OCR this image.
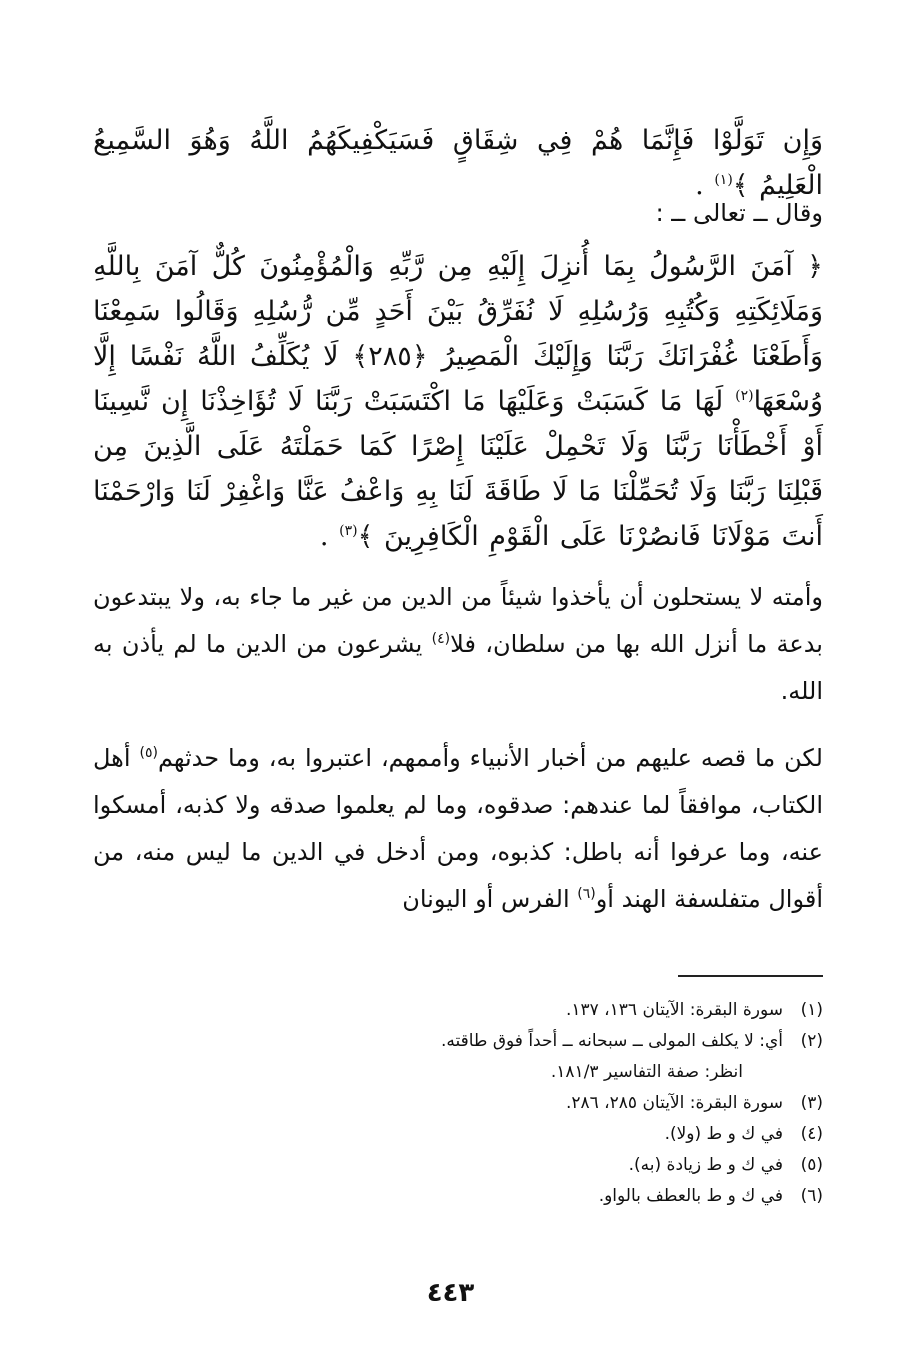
وَإِن تَوَلَّوْا فَإِنَّمَا هُمْ فِي شِقَاقٍ فَسَيَكْفِيكَهُمُ اللَّهُ وَهُوَ السَّمِيعُ الْعَلِيمُ ﴾$^{(١)}$ .
وقال ــ تعالى ــ :
﴿ آمَنَ الرَّسُولُ بِمَا أُنزِلَ إِلَيْهِ مِن رَّبِّهِ وَالْمُؤْمِنُونَ كُلٌّ آمَنَ بِاللَّهِ وَمَلَائِكَتِهِ وَكُتُبِهِ وَرُسُلِهِ لَا نُفَرِّقُ بَيْنَ أَحَدٍ مِّن رُّسُلِهِ وَقَالُوا سَمِعْنَا وَأَطَعْنَا غُفْرَانَكَ رَبَّنَا وَإِلَيْكَ الْمَصِيرُ ﴿٢٨٥﴾ لَا يُكَلِّفُ اللَّهُ نَفْسًا إِلَّا وُسْعَهَا$^{(٢)}$ لَهَا مَا كَسَبَتْ وَعَلَيْهَا مَا اكْتَسَبَتْ رَبَّنَا لَا تُؤَاخِذْنَا إِن نَّسِينَا أَوْ أَخْطَأْنَا رَبَّنَا وَلَا تَحْمِلْ عَلَيْنَا إِصْرًا كَمَا حَمَلْتَهُ عَلَى الَّذِينَ مِن قَبْلِنَا رَبَّنَا وَلَا تُحَمِّلْنَا مَا لَا طَاقَةَ لَنَا بِهِ وَاعْفُ عَنَّا وَاغْفِرْ لَنَا وَارْحَمْنَا أَنتَ مَوْلَانَا فَانصُرْنَا عَلَى الْقَوْمِ الْكَافِرِينَ ﴾$^{(٣)}$ .

وأمته لا يستحلون أن يأخذوا شيئاً من الدين من غير ما جاء به، ولا يبتدعون بدعة ما أنزل الله بها من سلطان، فلا$^{(٤)}$ يشرعون من الدين ما لم يأذن به الله.

لكن ما قصه عليهم من أخبار الأنبياء وأممهم، اعتبروا به، وما حدثهم$^{(٥)}$ أهل الكتاب، موافقاً لما عندهم: صدقوه، وما لم يعلموا صدقه ولا كذبه، أمسكوا عنه، وما عرفوا أنه باطل: كذبوه، ومن أدخل في الدين ما ليس منه، من أقوال متفلسفة الهند أو$^{(٦)}$ الفرس أو اليونان

(١)
سورة البقرة: الآيتان ١٣٦، ١٣٧.
(٢)
أي: لا يكلف المولى ــ سبحانه ــ أحداً فوق طاقته.
انظر: صفة التفاسير ١٨١/٣.
(٣)
سورة البقرة: الآيتان ٢٨٥، ٢٨٦.
(٤)
في ك و ط (ولا).
(٥)
في ك و ط زيادة (به).
(٦)
في ك و ط بالعطف بالواو.
٤٤٣
